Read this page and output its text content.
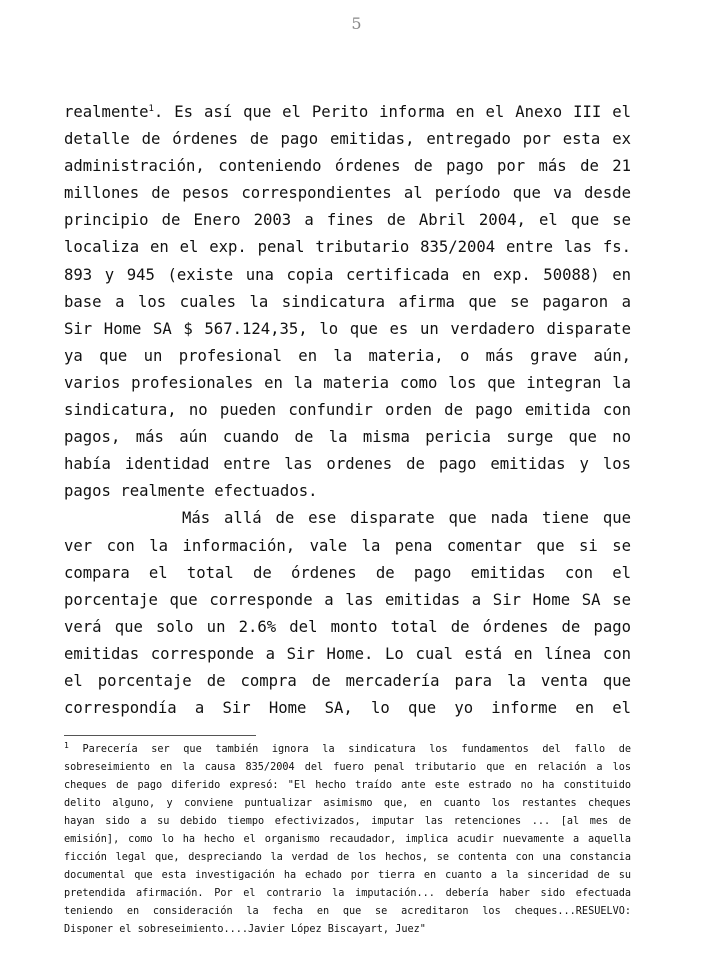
5
realmente$^1$. Es así que el Perito informa en el Anexo III el
detalle de órdenes de pago emitidas, entregado por esta ex
administración, conteniendo órdenes de pago por más de 21
millones de pesos correspondientes al período que va desde
principio de Enero 2003 a fines de Abril 2004, el que se
localiza en el exp. penal tributario 835/2004 entre las fs.
893 y 945 (existe una copia certificada en exp. 50088) en
base a los cuales la sindicatura afirma que se pagaron a
Sir Home SA $ 567.124,35, lo que es un verdadero disparate
ya que un profesional en la materia, o más grave aún,
varios profesionales en la materia como los que integran la
sindicatura, no pueden confundir orden de pago emitida con
pagos, más aún cuando de la misma pericia surge que no
había identidad entre las ordenes de pago emitidas y los
pagos realmente efectuados.
Más allá de ese disparate que nada tiene que
ver con la información, vale la pena comentar que si se
compara el total de órdenes de pago emitidas con el
porcentaje que corresponde a las emitidas a Sir Home SA se
verá que solo un 2.6% del monto total de órdenes de pago
emitidas corresponde a Sir Home. Lo cual está en línea con
el porcentaje de compra de mercadería para la venta que
correspondía a Sir Home SA, lo que yo informe en el
$^1$ Parecería ser que también ignora la sindicatura los fundamentos del fallo de
sobreseimiento en la causa 835/2004 del fuero penal tributario que en relación a los
cheques de pago diferido expresó: "El hecho traído ante este estrado no ha constituido
delito alguno, y conviene puntualizar asimismo que, en cuanto los restantes cheques
hayan sido a su debido tiempo efectivizados, imputar las retenciones ... [al mes de
emisión], como lo ha hecho el organismo recaudador, implica acudir nuevamente a aquella
ficción legal que, despreciando la verdad de los hechos, se contenta con una constancia
documental que esta investigación ha echado por tierra en cuanto a la sinceridad de su
pretendida afirmación. Por el contrario la imputación... debería haber sido efectuada
teniendo en consideración la fecha en que se acreditaron los cheques...RESUELVO:
Disponer el sobreseimiento....Javier López Biscayart, Juez"
